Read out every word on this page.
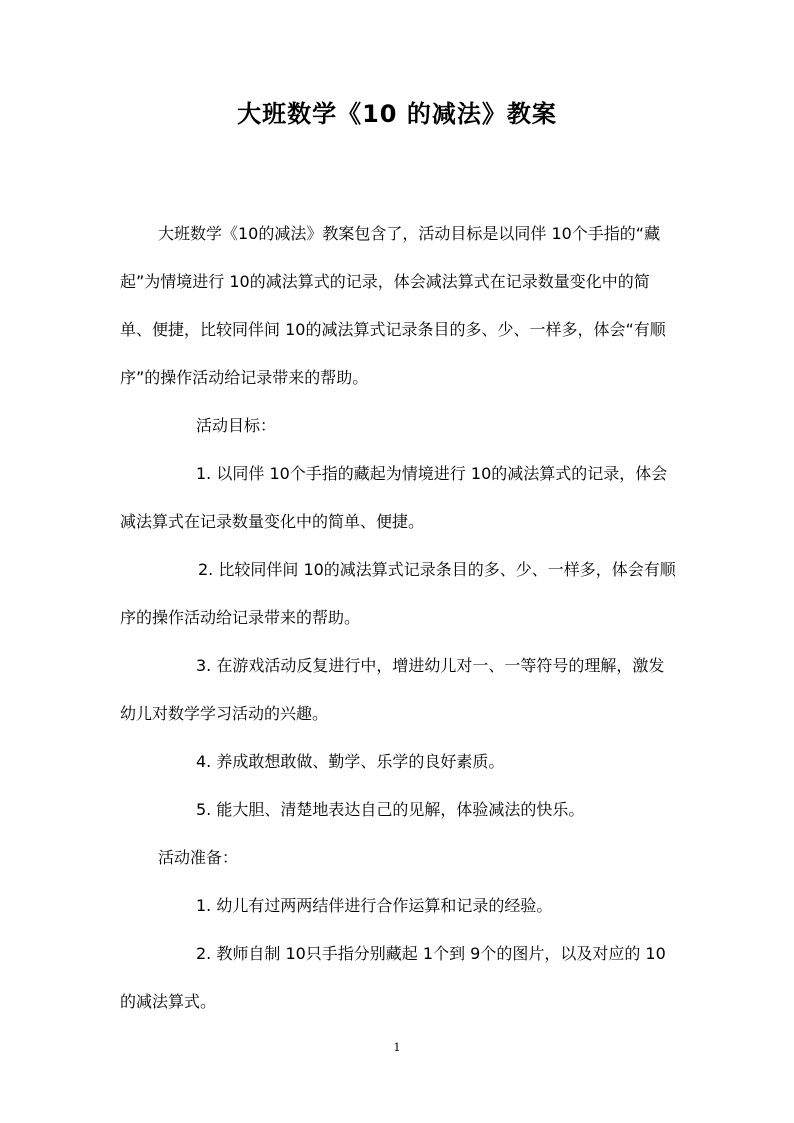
大班数学《10 的减法》教案

大班数学《10的减法》教案包含了，活动目标是以同伴 10个手指的“藏起”为情境进行 10的减法算式的记录，体会减法算式在记录数量变化中的简单、便捷，比较同伴间 10的减法算式记录条目的多、少、一样多，体会“有顺序”的操作活动给记录带来的帮助。

活动目标：

1. 以同伴 10个手指的藏起为情境进行 10的减法算式的记录，体会减法算式在记录数量变化中的简单、便捷。

2. 比较同伴间 10的减法算式记录条目的多、少、一样多，体会有顺序的操作活动给记录带来的帮助。

3. 在游戏活动反复进行中，增进幼儿对一、一等符号的理解，激发幼儿对数学学习活动的兴趣。

4. 养成敢想敢做、勤学、乐学的良好素质。

5. 能大胆、清楚地表达自己的见解，体验减法的快乐。

活动准备：

1. 幼儿有过两两结伴进行合作运算和记录的经验。

2. 教师自制 10只手指分别藏起 1个到 9个的图片，以及对应的 10的减法算式。

1
